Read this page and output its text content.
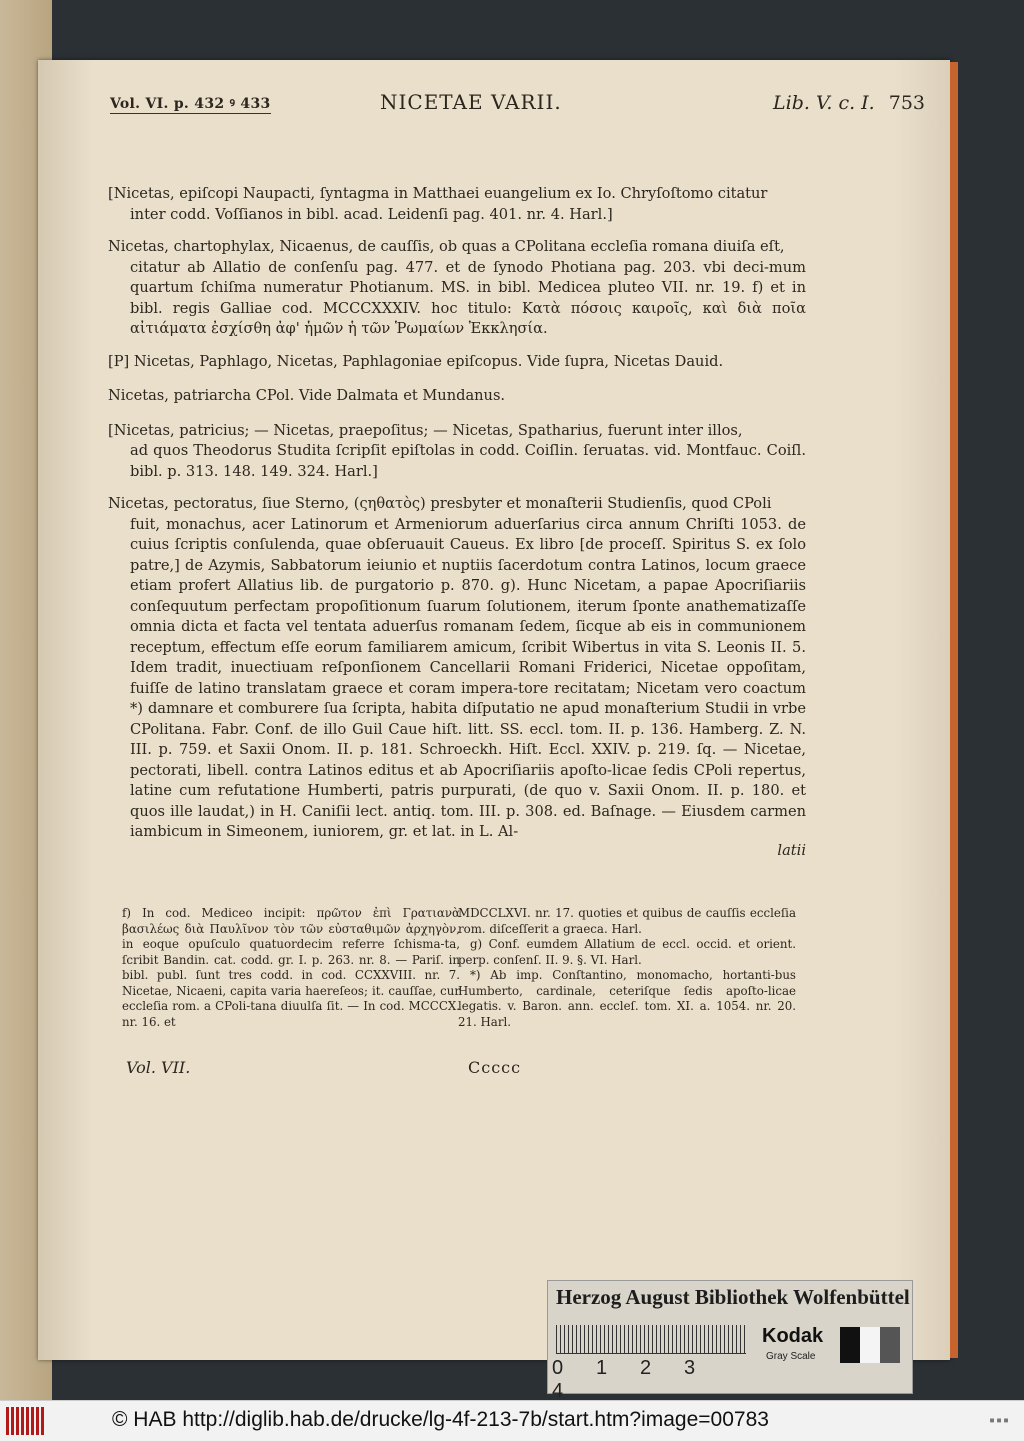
Vol. VI. p. 432 ꝰ 433	NICETAE VARII.	Lib. V. c. I. 753
[Nicetas, epiſcopi Naupacti, ſyntagma in Matthaei euangelium ex Io. Chryſoſtomo citatur
inter codd. Voſſianos in bibl. acad. Leidenſi pag. 401. nr. 4. Harl.]
Nicetas, chartophylax, Nicaenus, de cauſſis, ob quas a CPolitana eccleſia romana diuiſa eſt,
citatur ab Allatio de conſenſu pag. 477. et de ſynodo Photiana pag. 203. vbi deci-mum quartum ſchiſma numeratur Photianum. MS. in bibl. Medicea pluteo VII. nr. 19. f) et in bibl. regis Galliae cod. MCCCXXXIV. hoc titulo: Κατὰ πόσοις καιροῖς, καὶ διὰ ποῖα αἰτιάματα ἐσχίσθη ἀφ' ἡμῶν ἡ τῶν Ῥωμαίων Ἐκκλησία.
[P] Nicetas, Paphlago, Nicetas, Paphlagoniae epiſcopus. Vide ſupra, Nicetas Dauid.
Nicetas, patriarcha CPol. Vide Dalmata et Mundanus.
[Nicetas, patricius; — Nicetas, praepoſitus; — Nicetas, Spatharius, fuerunt inter illos,
ad quos Theodorus Studita ſcripſit epiſtolas in codd. Coiſlin. ſeruatas. vid. Montfauc. Coiſl. bibl. p. 313. 148. 149. 324. Harl.]
Nicetas, pectoratus, ſiue Sterno, (ςηθατὸς) presbyter et monaſterii Studienſis, quod CPoli
fuit, monachus, acer Latinorum et Armeniorum aduerſarius circa annum Chriſti 1053. de cuius ſcriptis conſulenda, quae obſeruauit Caueus. Ex libro [de proceſſ. Spiritus S. ex ſolo patre,] de Azymis, Sabbatorum ieiunio et nuptiis ſacerdotum contra Latinos, locum graece etiam profert Allatius lib. de purgatorio p. 870. g). Hunc Nicetam, a papae Apocriſiariis conſequutum perfectam propoſitionum ſuarum ſolutionem, iterum ſponte anathematizaſſe omnia dicta et facta vel tentata aduerſus romanam ſedem, ſicque ab eis in communionem receptum, effectum eſſe eorum familiarem amicum, ſcribit Wibertus in vita S. Leonis II. 5. Idem tradit, inuectiuam reſponſionem Cancellarii Romani Friderici, Nicetae oppoſitam, fuiſſe de latino translatam graece et coram impera-tore recitatam; Nicetam vero coactum *) damnare et comburere ſua ſcripta, habita diſputatio ne apud monaſterium Studii in vrbe CPolitana. Fabr. Conf. de illo Guil Caue hiſt. litt. SS. eccl. tom. II. p. 136. Hamberg. Z. N. III. p. 759. et Saxii Onom. II. p. 181. Schroeckh. Hiſt. Eccl. XXIV. p. 219. ſq. — Nicetae, pectorati, libell. contra Latinos editus et ab Apocriſiariis apoſto-licae ſedis CPoli repertus, latine cum refutatione Humberti, patris purpurati, (de quo v. Saxii Onom. II. p. 180. et quos ille laudat,) in H. Caniſii lect. antiq. tom. III. p. 308. ed. Baſnage. — Eiusdem carmen iambicum in Simeonem, iuniorem, gr. et lat. in L. Al-
latii

f) In cod. Mediceo incipit: πρῶτον ἐπὶ Γρατιανὰ βασιλέως διὰ Παυλῖνον τὸν τῶν εὐσταθιμῶν ἀρχηγὸν, in eoque opuſculo quatuordecim referre ſchisma-ta, ſcribit Bandin. cat. codd. gr. I. p. 263. nr. 8. — Pariſ. in bibl. publ. ſunt tres codd. in cod. CCXXVIII. nr. 7. Nicetae, Nicaeni, capita varia haereſeos; it. cauſſae, cur eccleſia rom. a CPoli-tana diuulſa ſit. — In cod. MCCCX. nr. 16. et

MDCCLXVI. nr. 17. quoties et quibus de cauſſis eccleſia rom. diſceſſerit a graeca. Harl.

g) Conf. eumdem Allatium de eccl. occid. et orient. perp. conſenſ. II. 9. §. VI. Harl.

*) Ab imp. Conſtantino, monomacho, hortanti-bus Humberto, cardinale, ceteriſque ſedis apoſto-licae legatis. v. Baron. ann. eccleſ. tom. XI. a. 1054. nr. 20. 21. Harl.

Vol. VII.	Ccccc
Herzog August Bibliothek Wolfenbüttel
0 1 2 34
Kodak
Gray Scale
© HAB http://diglib.hab.de/drucke/lg-4f-213-7b/start.htm?image=00783	▪▪▪
